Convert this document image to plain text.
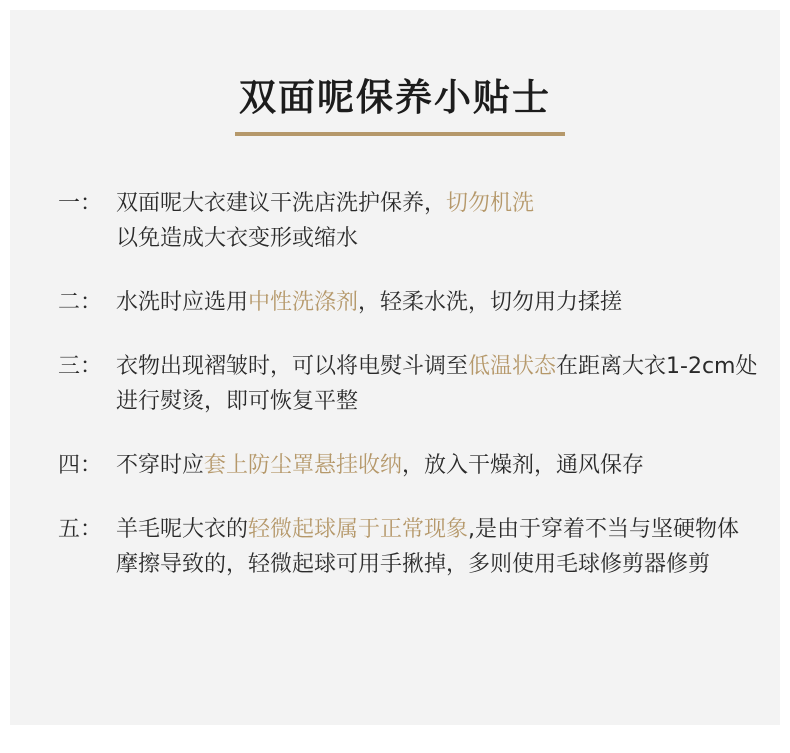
双面呢保养小贴士
一： 双面呢大衣建议干洗店洗护保养，切勿机洗
以免造成大衣变形或缩水
二： 水洗时应选用中性洗涤剂，轻柔水洗，切勿用力揉搓
三： 衣物出现褶皱时，可以将电熨斗调至低温状态在距离大衣1-2cm处进行熨烫，即可恢复平整
四： 不穿时应套上防尘罩悬挂收纳，放入干燥剂，通风保存
五： 羊毛呢大衣的轻微起球属于正常现象,是由于穿着不当与坚硬物体摩擦导致的，轻微起球可用手揪掉，多则使用毛球修剪器修剪
